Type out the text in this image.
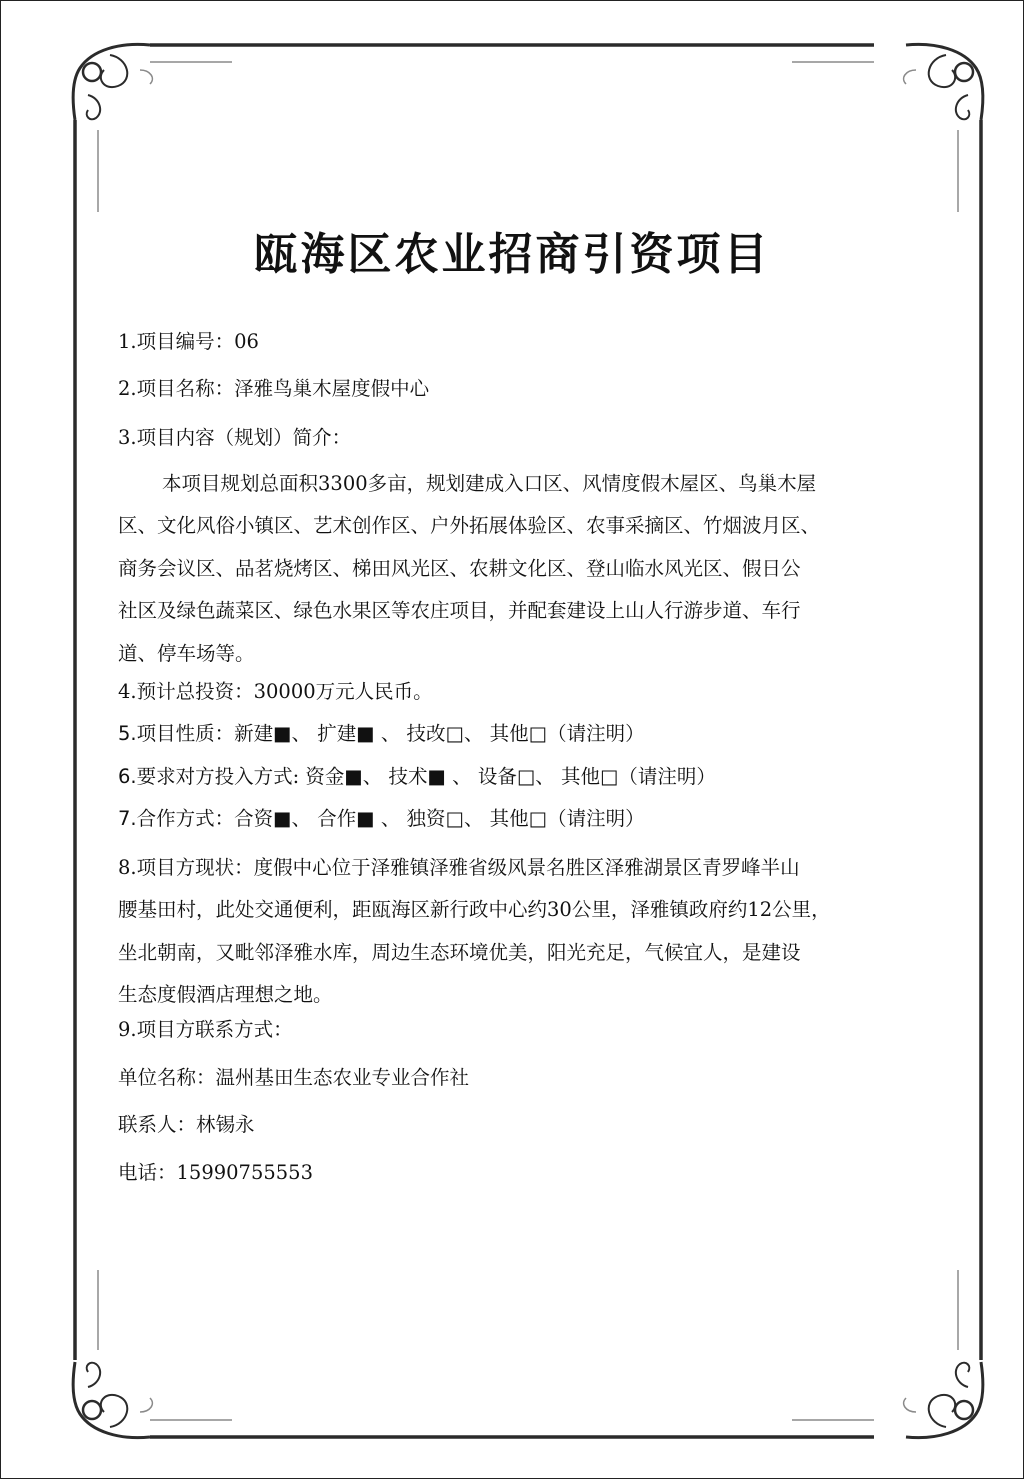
瓯海区农业招商引资项目
1.项目编号：06
2.项目名称：泽雅鸟巢木屋度假中心
3.项目内容（规划）简介：
本项目规划总面积3300多亩，规划建成入口区、风情度假木屋区、鸟巢木屋
区、文化风俗小镇区、艺术创作区、户外拓展体验区、农事采摘区、竹烟波月区、
商务会议区、品茗烧烤区、梯田风光区、农耕文化区、登山临水风光区、假日公
社区及绿色蔬菜区、绿色水果区等农庄项目，并配套建设上山人行游步道、车行
道、停车场等。
4.预计总投资：30000万元人民币。
5.项目性质：新建■、 扩建■ 、 技改□、 其他□（请注明）
6.要求对方投入方式: 资金■、 技术■ 、 设备□、 其他□（请注明）
7.合作方式：合资■、 合作■ 、 独资□、 其他□（请注明）
8.项目方现状：度假中心位于泽雅镇泽雅省级风景名胜区泽雅湖景区青罗峰半山
腰基田村，此处交通便利，距瓯海区新行政中心约30公里，泽雅镇政府约12公里，
坐北朝南，又毗邻泽雅水库，周边生态环境优美，阳光充足，气候宜人，是建设
生态度假酒店理想之地。
9.项目方联系方式：
单位名称：温州基田生态农业专业合作社
联系人：林锡永
电话：15990755553
